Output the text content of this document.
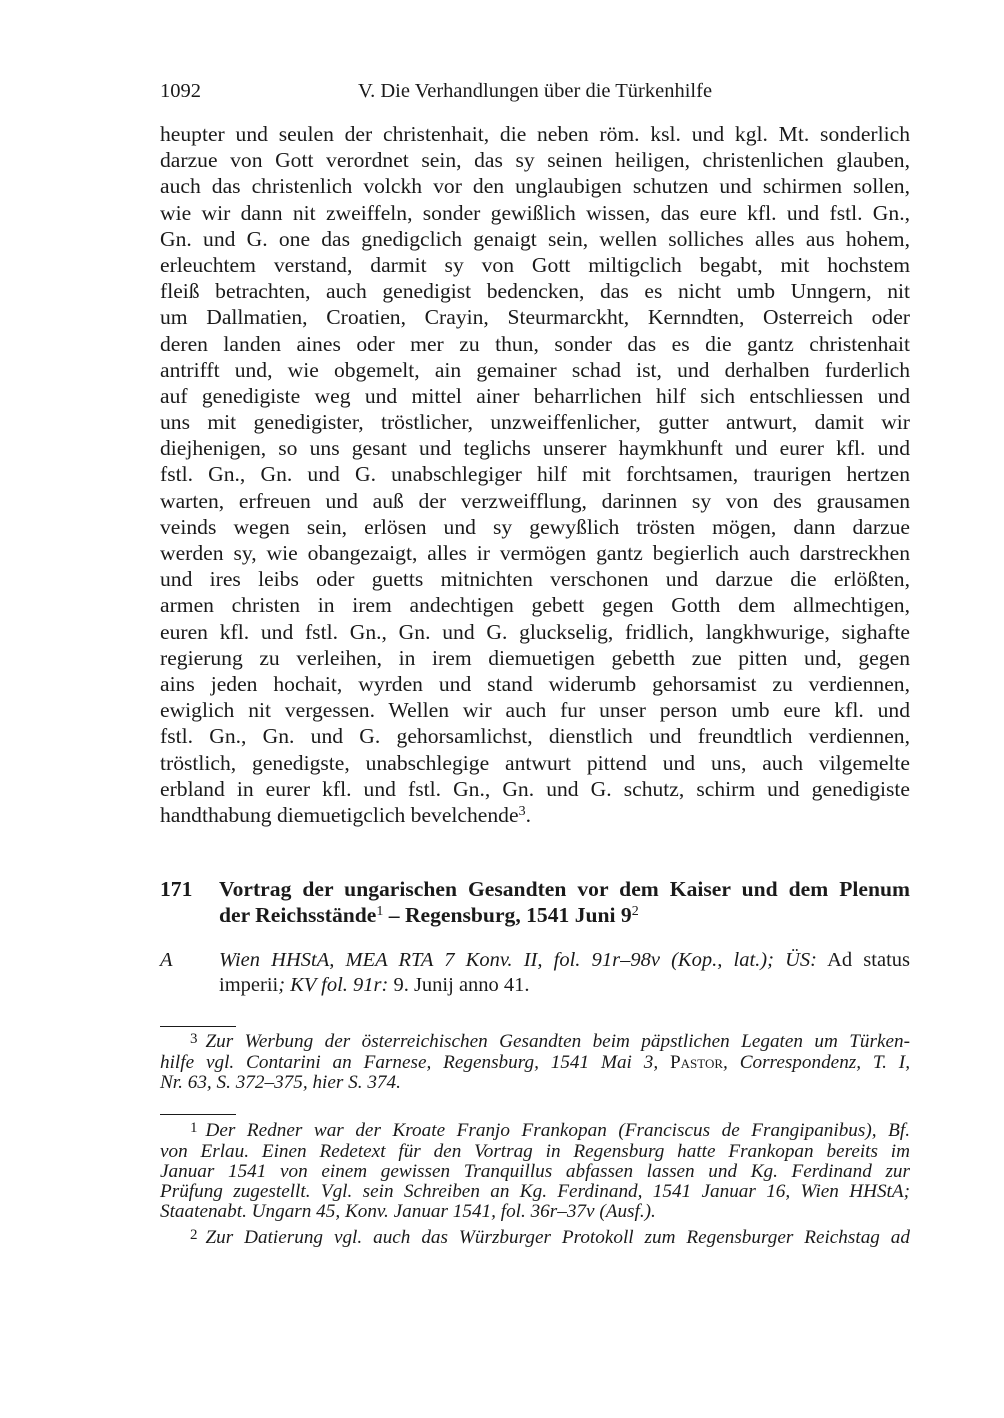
1092	V. Die Verhandlungen über die Türkenhilfe
heupter und seulen der christenhait, die neben röm. ksl. und kgl. Mt. sonderlich
darzue von Gott verordnet sein, das sy seinen heiligen, christenlichen glauben,
auch das christenlich volckh vor den unglaubigen schutzen und schirmen sollen,
wie wir dann nit zweiffeln, sonder gewißlich wissen, das eure kfl. und fstl. Gn.,
Gn. und G. one das gnedigclich genaigt sein, wellen solliches alles aus hohem,
erleuchtem verstand, darmit sy von Gott miltigclich begabt, mit hochstem
fleiß betrachten, auch genedigist bedencken, das es nicht umb Unngern, nit
um Dallmatien, Croatien, Crayin, Steurmarckht, Kernndten, Osterreich oder
deren landen aines oder mer zu thun, sonder das es die gantz christenhait
antrifft und, wie obgemelt, ain gemainer schad ist, und derhalben furderlich
auf genedigiste weg und mittel ainer beharrlichen hilf sich entschliessen und
uns mit genedigister, tröstlicher, unzweiffenlicher, gutter antwurt, damit wir
diejhenigen, so uns gesant und teglichs unserer haymkhunft und eurer kfl. und
fstl. Gn., Gn. und G. unabschlegiger hilf mit forchtsamen, traurigen hertzen
warten, erfreuen und auß der verzweifflung, darinnen sy von des grausamen
veinds wegen sein, erlösen und sy gewyßlich trösten mögen, dann darzue
werden sy, wie obangezaigt, alles ir vermögen gantz begierlich auch darstreckhen
und ires leibs oder guetts mitnichten verschonen und darzue die erlößten,
armen christen in irem andechtigen gebett gegen Gotth dem allmechtigen,
euren kfl. und fstl. Gn., Gn. und G. gluckselig, fridlich, langkhwurige, sighafte
regierung zu verleihen, in irem diemuetigen gebetth zue pitten und, gegen
ains jeden hochait, wyrden und stand widerumb gehorsamist zu verdiennen,
ewiglich nit vergessen. Wellen wir auch fur unser person umb eure kfl. und
fstl. Gn., Gn. und G. gehorsamlichst, dienstlich und freundtlich verdiennen,
tröstlich, genedigste, unabschlegige antwurt pittend und uns, auch vilgemelte
erbland in eurer kfl. und fstl. Gn., Gn. und G. schutz, schirm und genedigiste
handthabung diemuetigclich bevelchende$^3$.
171 Vortrag der ungarischen Gesandten vor dem Kaiser und dem Plenum
der Reichsstände$^1$ – Regensburg, 1541 Juni $9^2$
A Wien HHStA, MEA RTA 7 Konv. II, fol. 91r–98v (Kop., lat.); ÜS: Ad status
imperii; KV fol. 91r: 9. Junij anno 41.
$^3$ Zur Werbung der österreichischen Gesandten beim päpstlichen Legaten um Türken-
hilfe vgl. Contarini an Farnese, Regensburg, 1541 Mai 3, Pastor, Correspondenz, T. I,
Nr. 63, S. 372–375, hier S. 374.
$^1$ Der Redner war der Kroate Franjo Frankopan (Franciscus de Frangipanibus), Bf.
von Erlau. Einen Redetext für den Vortrag in Regensburg hatte Frankopan bereits im
Januar 1541 von einem gewissen Tranquillus abfassen lassen und Kg. Ferdinand zur
Prüfung zugestellt. Vgl. sein Schreiben an Kg. Ferdinand, 1541 Januar 16, Wien HHStA;
Staatenabt. Ungarn 45, Konv. Januar 1541, fol. 36r–37v (Ausf.).
$^2$ Zur Datierung vgl. auch das Würzburger Protokoll zum Regensburger Reichstag ad
